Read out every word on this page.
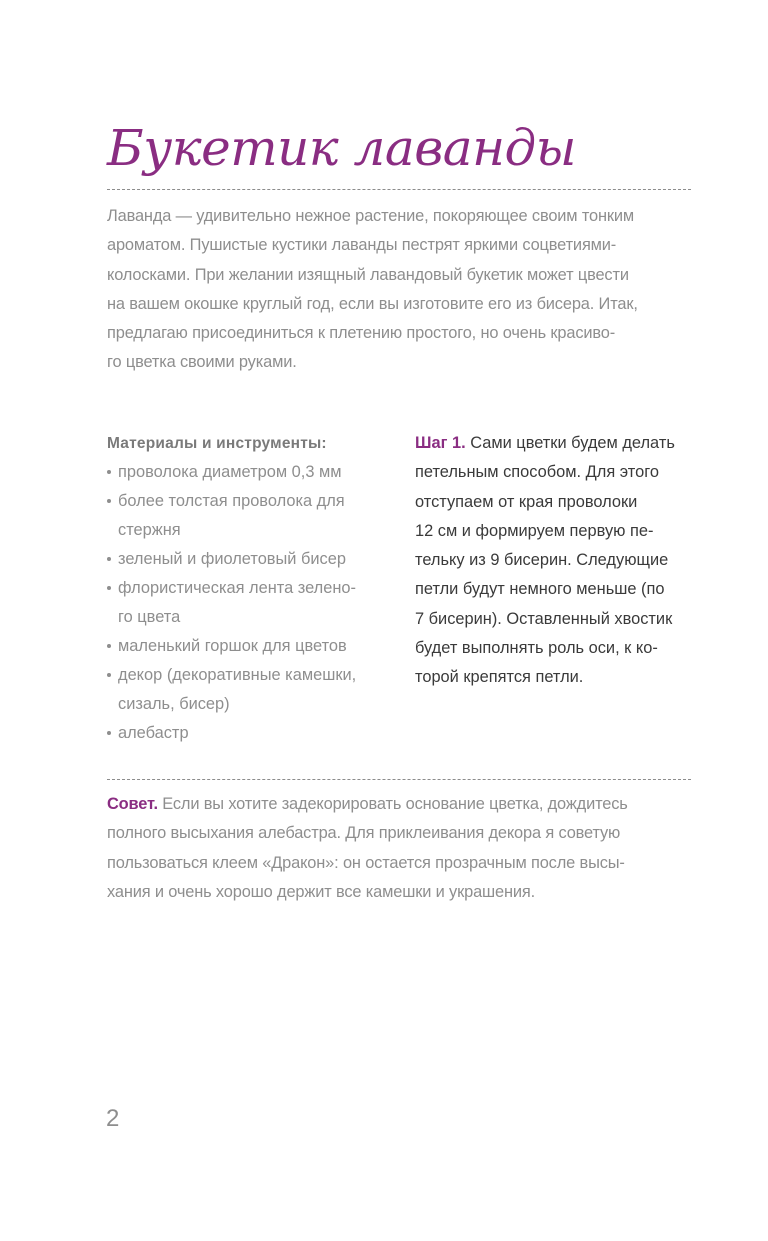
Букетик лаванды

Лаванда — удивительно нежное растение, покоряющее своим тонким
ароматом. Пушистые кустики лаванды пестрят яркими соцветиями-
колосками. При желании изящный лавандовый букетик может цвести
на вашем окошке круглый год, если вы изготовите его из бисера. Итак,
предлагаю присоединиться к плетению простого, но очень красиво-
го цветка своими руками.

Материалы и инструменты:
проволока диаметром 0,3 мм
более толстая проволока для
стержня
зеленый и фиолетовый бисер
флористическая лента зелено-
го цвета
маленький горшок для цветов
декор (декоративные камешки,
сизаль, бисер)
алебастр

Шаг 1. Сами цветки будем делать
петельным способом. Для этого
отступаем от края проволоки
12 см и формируем первую пе-
тельку из 9 бисерин. Следующие
петли будут немного меньше (по
7 бисерин). Оставленный хвостик
будет выполнять роль оси, к ко-
торой крепятся петли.

Совет. Если вы хотите задекорировать основание цветка, дождитесь
полного высыхания алебастра. Для приклеивания декора я советую
пользоваться клеем «Дракон»: он остается прозрачным после высы-
хания и очень хорошо держит все камешки и украшения.

2
